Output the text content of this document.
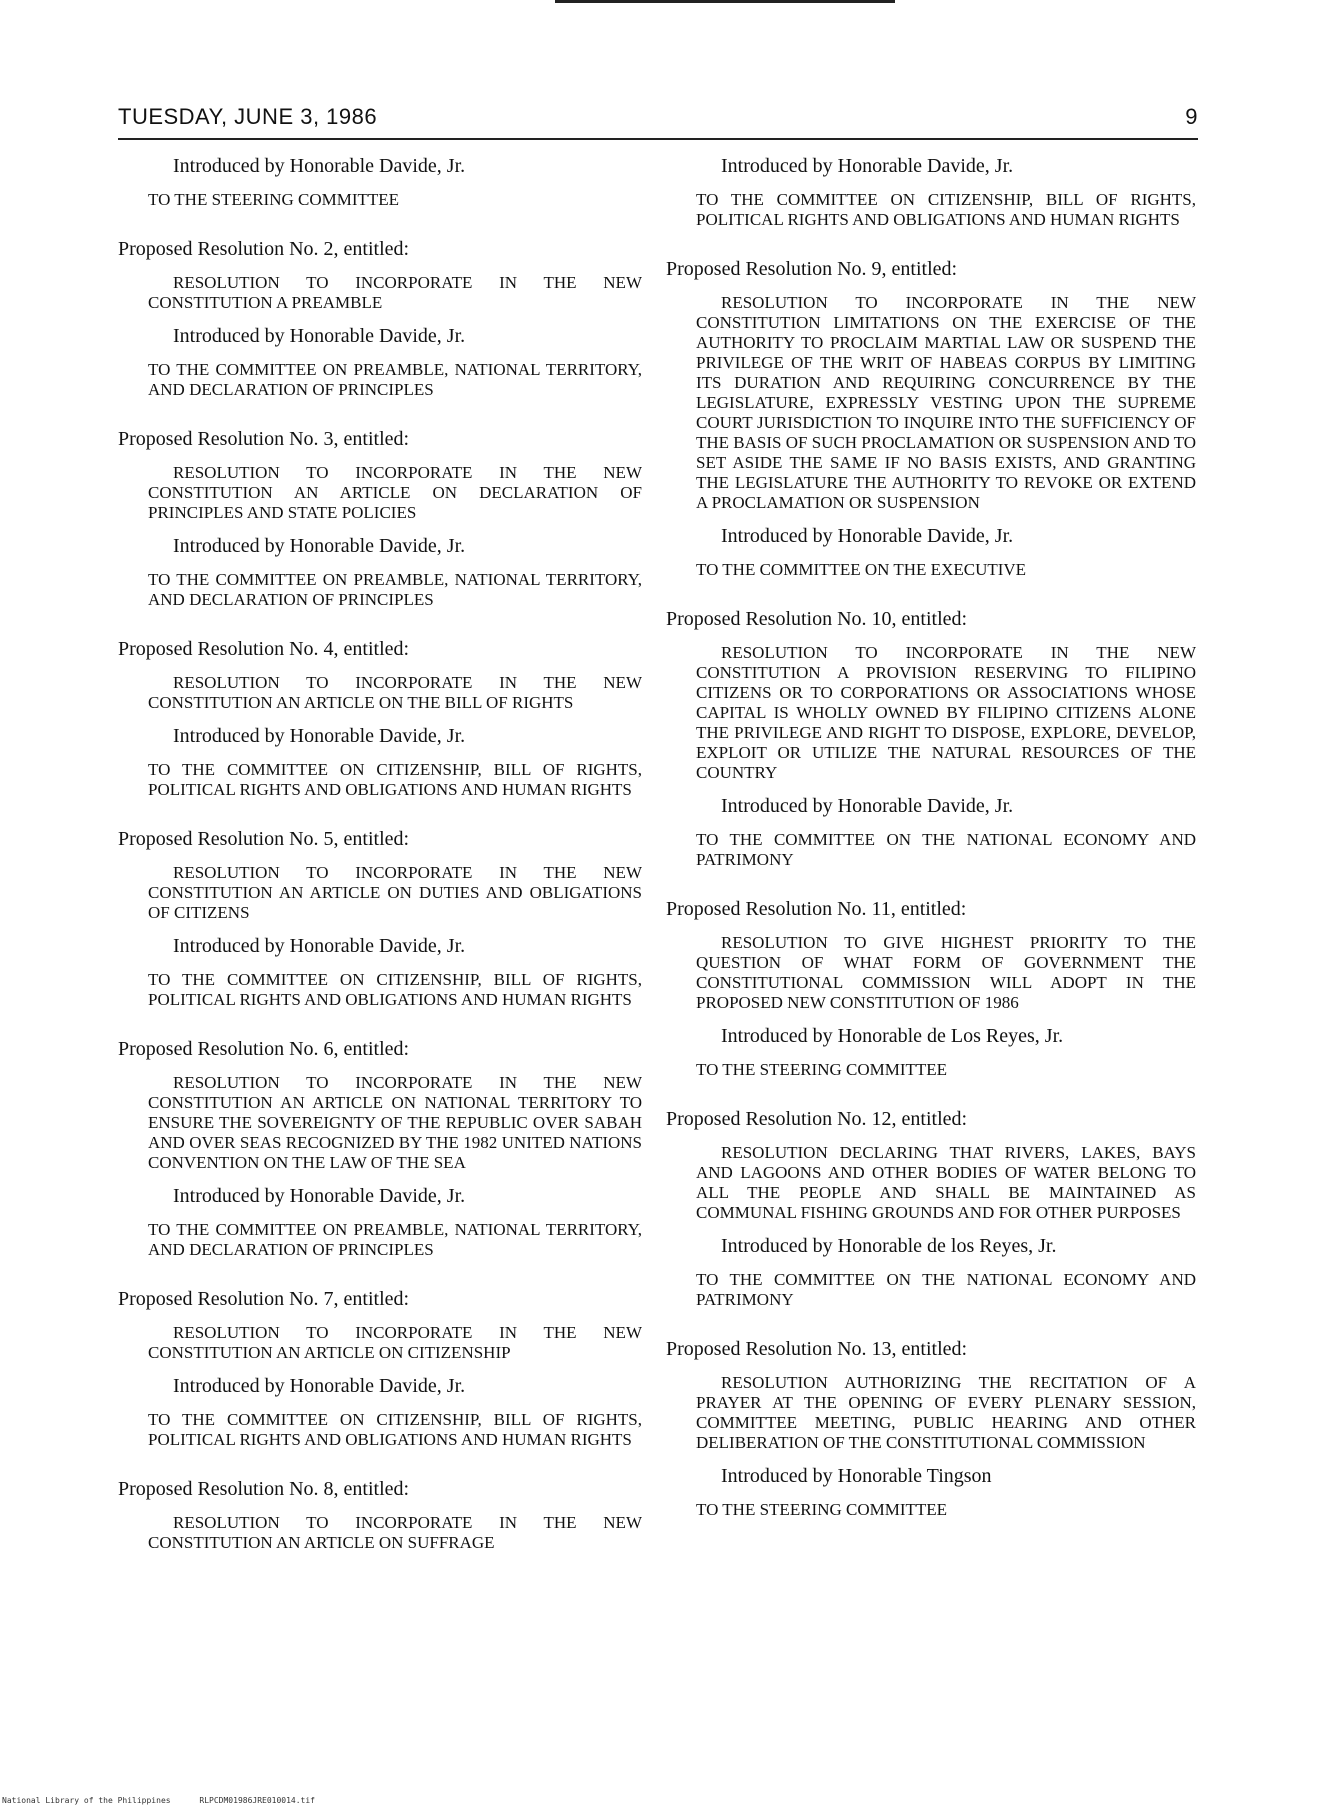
TUESDAY, JUNE 3, 1986	9
Introduced by Honorable Davide, Jr.
TO THE STEERING COMMITTEE
Proposed Resolution No. 2, entitled:
RESOLUTION TO INCORPORATE IN THE NEW CONSTITUTION A PREAMBLE
Introduced by Honorable Davide, Jr.
TO THE COMMITTEE ON PREAMBLE, NATIONAL TERRITORY, AND DECLARATION OF PRINCIPLES
Proposed Resolution No. 3, entitled:
RESOLUTION TO INCORPORATE IN THE NEW CONSTITUTION AN ARTICLE ON DECLARATION OF PRINCIPLES AND STATE POLICIES
Introduced by Honorable Davide, Jr.
TO THE COMMITTEE ON PREAMBLE, NATIONAL TERRITORY, AND DECLARATION OF PRINCIPLES
Proposed Resolution No. 4, entitled:
RESOLUTION TO INCORPORATE IN THE NEW CONSTITUTION AN ARTICLE ON THE BILL OF RIGHTS
Introduced by Honorable Davide, Jr.
TO THE COMMITTEE ON CITIZENSHIP, BILL OF RIGHTS, POLITICAL RIGHTS AND OBLIGATIONS AND HUMAN RIGHTS
Proposed Resolution No. 5, entitled:
RESOLUTION TO INCORPORATE IN THE NEW CONSTITUTION AN ARTICLE ON DUTIES AND OBLIGATIONS OF CITIZENS
Introduced by Honorable Davide, Jr.
TO THE COMMITTEE ON CITIZENSHIP, BILL OF RIGHTS, POLITICAL RIGHTS AND OBLIGATIONS AND HUMAN RIGHTS
Proposed Resolution No. 6, entitled:
RESOLUTION TO INCORPORATE IN THE NEW CONSTITUTION AN ARTICLE ON NATIONAL TERRITORY TO ENSURE THE SOVEREIGNTY OF THE REPUBLIC OVER SABAH AND OVER SEAS RECOGNIZED BY THE 1982 UNITED NATIONS CONVENTION ON THE LAW OF THE SEA
Introduced by Honorable Davide, Jr.
TO THE COMMITTEE ON PREAMBLE, NATIONAL TERRITORY, AND DECLARATION OF PRINCIPLES
Proposed Resolution No. 7, entitled:
RESOLUTION TO INCORPORATE IN THE NEW CONSTITUTION AN ARTICLE ON CITIZENSHIP
Introduced by Honorable Davide, Jr.
TO THE COMMITTEE ON CITIZENSHIP, BILL OF RIGHTS, POLITICAL RIGHTS AND OBLIGATIONS AND HUMAN RIGHTS
Proposed Resolution No. 8, entitled:
RESOLUTION TO INCORPORATE IN THE NEW CONSTITUTION AN ARTICLE ON SUFFRAGE
Introduced by Honorable Davide, Jr.
TO THE COMMITTEE ON CITIZENSHIP, BILL OF RIGHTS, POLITICAL RIGHTS AND OBLIGATIONS AND HUMAN RIGHTS
Proposed Resolution No. 9, entitled:
RESOLUTION TO INCORPORATE IN THE NEW CONSTITUTION LIMITATIONS ON THE EXERCISE OF THE AUTHORITY TO PROCLAIM MARTIAL LAW OR SUSPEND THE PRIVILEGE OF THE WRIT OF HABEAS CORPUS BY LIMITING ITS DURATION AND REQUIRING CONCURRENCE BY THE LEGISLATURE, EXPRESSLY VESTING UPON THE SUPREME COURT JURISDICTION TO INQUIRE INTO THE SUFFICIENCY OF THE BASIS OF SUCH PROCLAMATION OR SUSPENSION AND TO SET ASIDE THE SAME IF NO BASIS EXISTS, AND GRANTING THE LEGISLATURE THE AUTHORITY TO REVOKE OR EXTEND A PROCLAMATION OR SUSPENSION
Introduced by Honorable Davide, Jr.
TO THE COMMITTEE ON THE EXECUTIVE
Proposed Resolution No. 10, entitled:
RESOLUTION TO INCORPORATE IN THE NEW CONSTITUTION A PROVISION RESERVING TO FILIPINO CITIZENS OR TO CORPORATIONS OR ASSOCIATIONS WHOSE CAPITAL IS WHOLLY OWNED BY FILIPINO CITIZENS ALONE THE PRIVILEGE AND RIGHT TO DISPOSE, EXPLORE, DEVELOP, EXPLOIT OR UTILIZE THE NATURAL RESOURCES OF THE COUNTRY
Introduced by Honorable Davide, Jr.
TO THE COMMITTEE ON THE NATIONAL ECONOMY AND PATRIMONY
Proposed Resolution No. 11, entitled:
RESOLUTION TO GIVE HIGHEST PRIORITY TO THE QUESTION OF WHAT FORM OF GOVERNMENT THE CONSTITUTIONAL COMMISSION WILL ADOPT IN THE PROPOSED NEW CONSTITUTION OF 1986
Introduced by Honorable de Los Reyes, Jr.
TO THE STEERING COMMITTEE
Proposed Resolution No. 12, entitled:
RESOLUTION DECLARING THAT RIVERS, LAKES, BAYS AND LAGOONS AND OTHER BODIES OF WATER BELONG TO ALL THE PEOPLE AND SHALL BE MAINTAINED AS COMMUNAL FISHING GROUNDS AND FOR OTHER PURPOSES
Introduced by Honorable de los Reyes, Jr.
TO THE COMMITTEE ON THE NATIONAL ECONOMY AND PATRIMONY
Proposed Resolution No. 13, entitled:
RESOLUTION AUTHORIZING THE RECITATION OF A PRAYER AT THE OPENING OF EVERY PLENARY SESSION, COMMITTEE MEETING, PUBLIC HEARING AND OTHER DELIBERATION OF THE CONSTITUTIONAL COMMISSION
Introduced by Honorable Tingson
TO THE STEERING COMMITTEE
National Library of the Philippines	RLPCDM01986JRE010014.tif
